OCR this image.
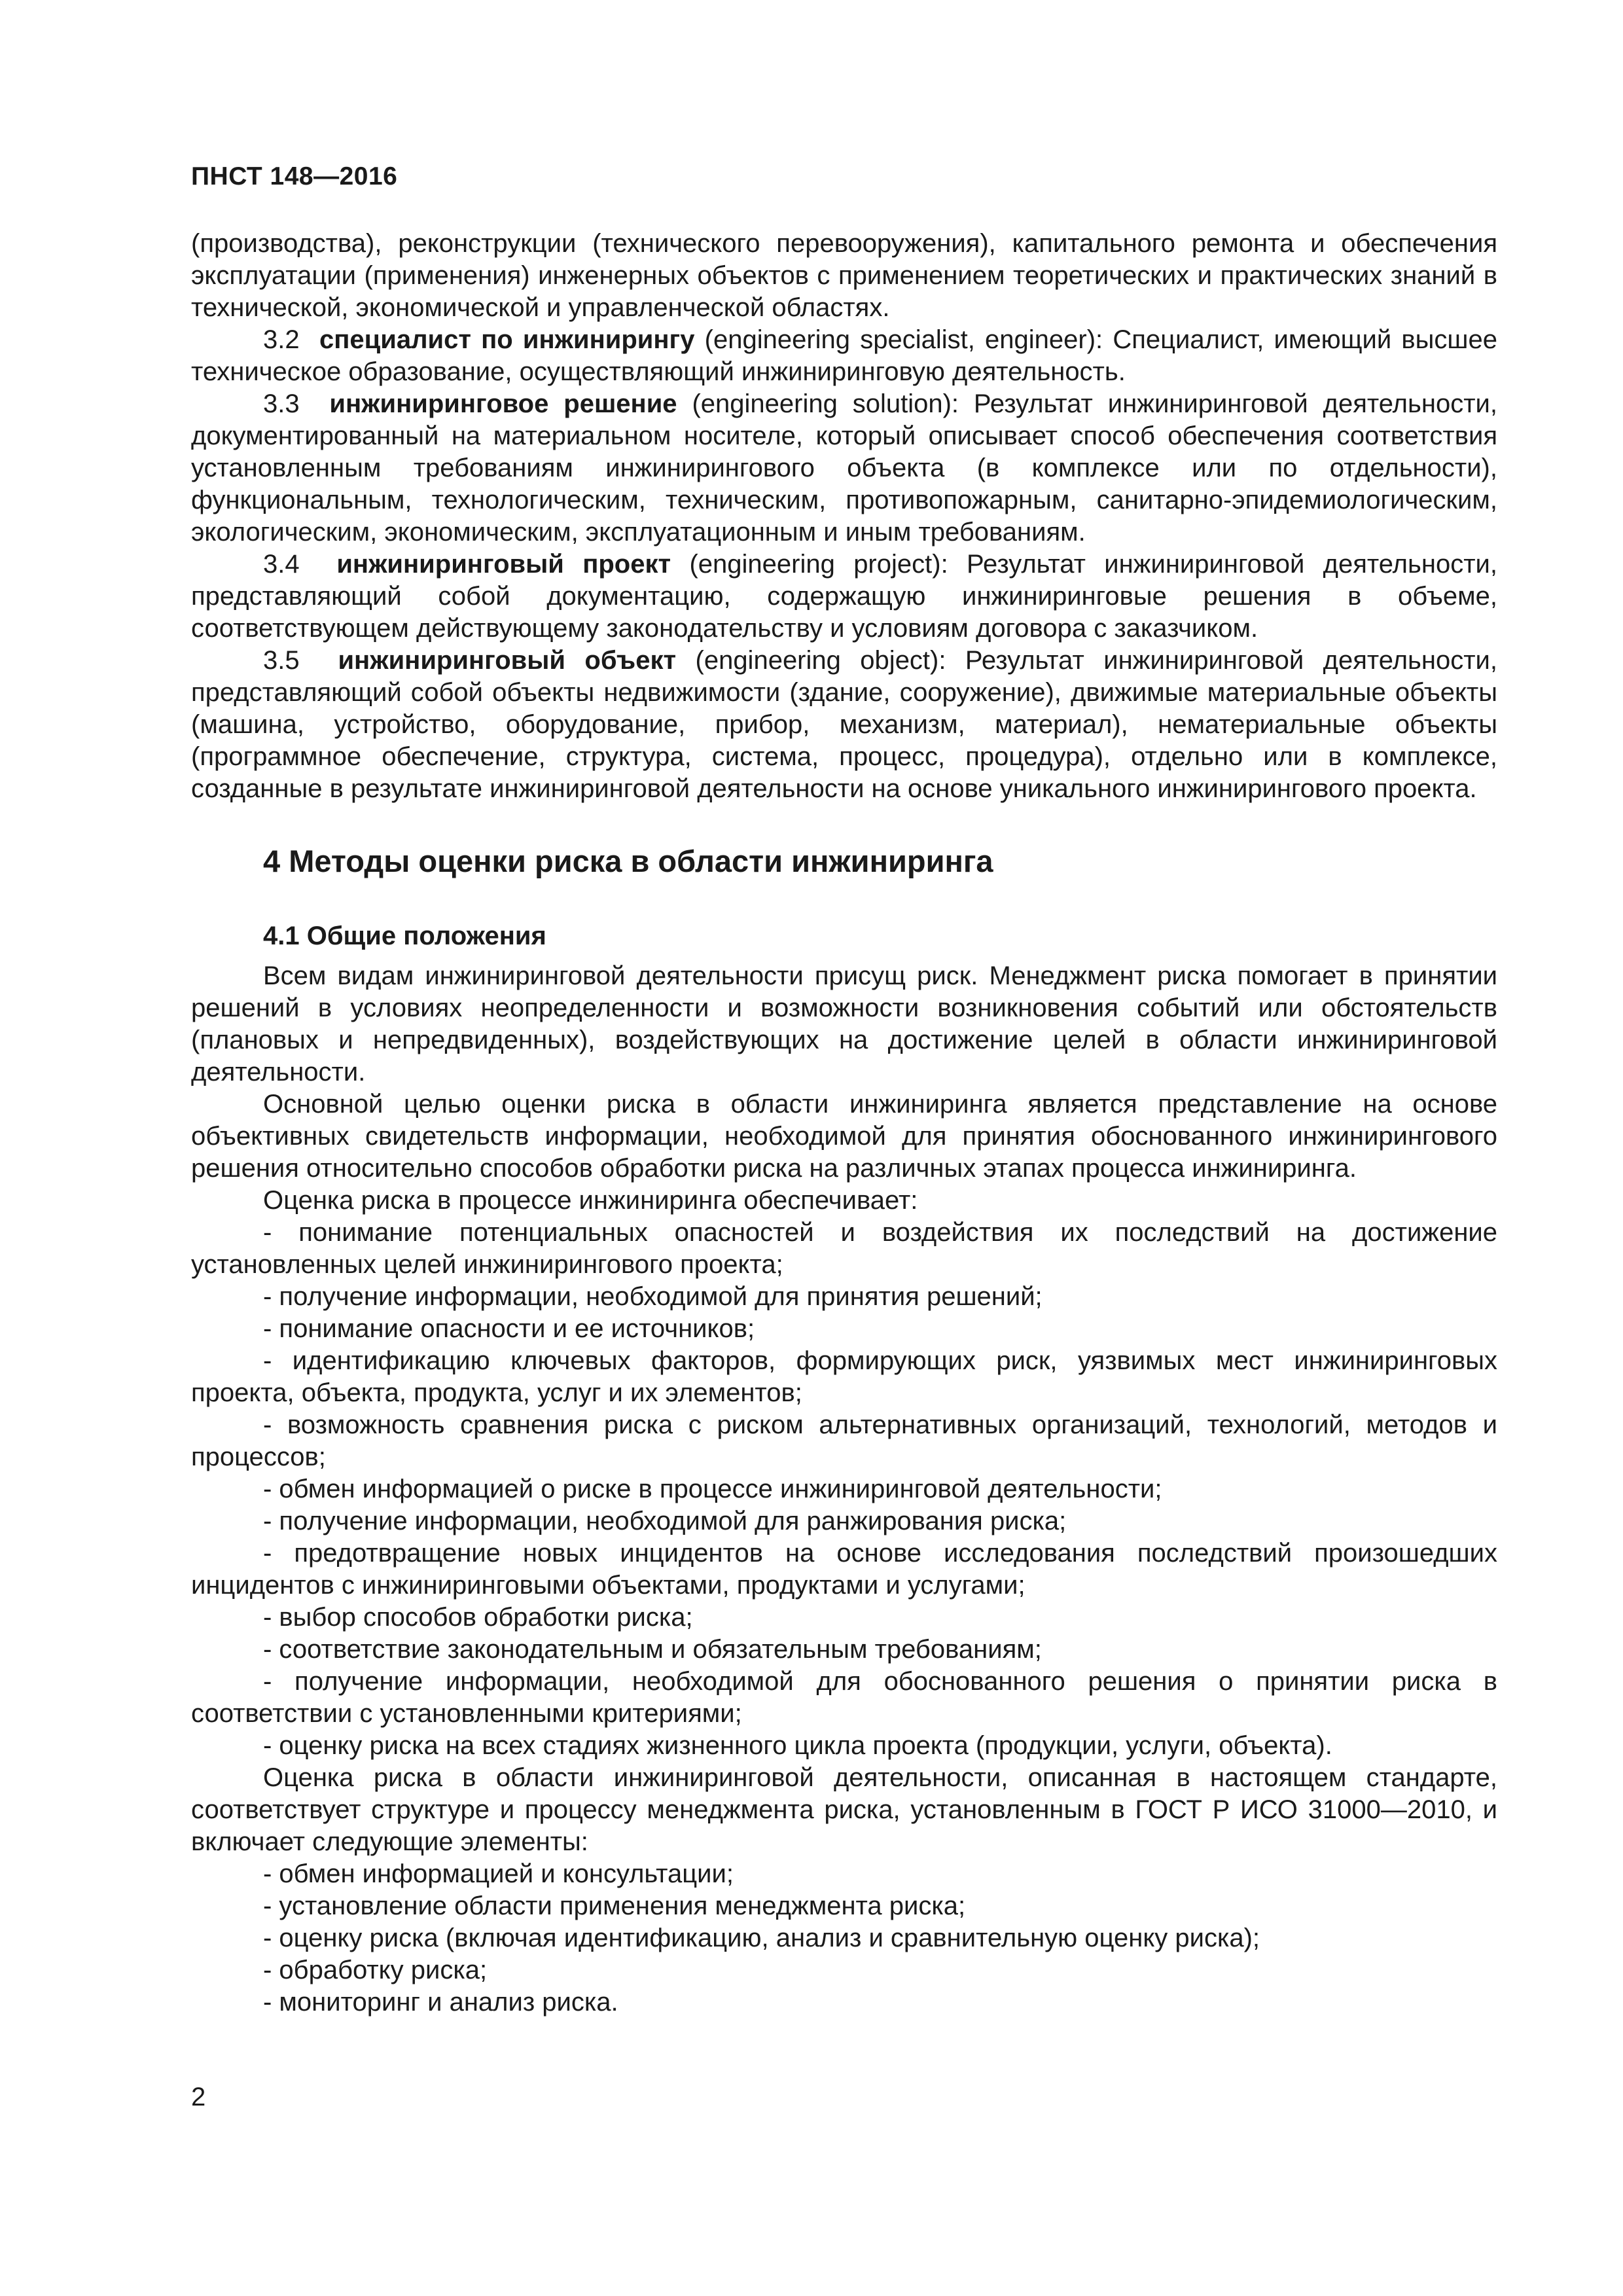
ПНСТ 148—2016

(производства), реконструкции (технического перевооружения), капитального ремонта и обеспечения эксплуатации (применения) инженерных объектов с применением теоретических и практических знаний в технической, экономической и управленческой областях.

3.2 специалист по инжинирингу (engineering specialist, engineer): Специалист, имеющий высшее техническое образование, осуществляющий инжиниринговую деятельность.

3.3 инжиниринговое решение (engineering solution): Результат инжиниринговой деятельности, документированный на материальном носителе, который описывает способ обеспечения соответствия установленным требованиям инжинирингового объекта (в комплексе или по отдельности), функциональным, технологическим, техническим, противопожарным, санитарно-эпидемиологическим, экологическим, экономическим, эксплуатационным и иным требованиям.

3.4 инжиниринговый проект (engineering project): Результат инжиниринговой деятельности, представляющий собой документацию, содержащую инжиниринговые решения в объеме, соответствующем действующему законодательству и условиям договора с заказчиком.

3.5 инжиниринговый объект (engineering object): Результат инжиниринговой деятельности, представляющий собой объекты недвижимости (здание, сооружение), движимые материальные объекты (машина, устройство, оборудование, прибор, механизм, материал), нематериальные объекты (программное обеспечение, структура, система, процесс, процедура), отдельно или в комплексе, созданные в результате инжиниринговой деятельности на основе уникального инжинирингового проекта.

4 Методы оценки риска в области инжиниринга
4.1 Общие положения

Всем видам инжиниринговой деятельности присущ риск. Менеджмент риска помогает в принятии решений в условиях неопределенности и возможности возникновения событий или обстоятельств (плановых и непредвиденных), воздействующих на достижение целей в области инжиниринговой деятельности.

Основной целью оценки риска в области инжиниринга является представление на основе объективных свидетельств информации, необходимой для принятия обоснованного инжинирингового решения относительно способов обработки риска на различных этапах процесса инжиниринга.

Оценка риска в процессе инжиниринга обеспечивает:

- понимание потенциальных опасностей и воздействия их последствий на достижение установленных целей инжинирингового проекта;

- получение информации, необходимой для принятия решений;

- понимание опасности и ее источников;

- идентификацию ключевых факторов, формирующих риск, уязвимых мест инжиниринговых проекта, объекта, продукта, услуг и их элементов;

- возможность сравнения риска с риском альтернативных организаций, технологий, методов и процессов;

- обмен информацией о риске в процессе инжиниринговой деятельности;

- получение информации, необходимой для ранжирования риска;

- предотвращение новых инцидентов на основе исследования последствий произошедших инцидентов с инжиниринговыми объектами, продуктами и услугами;

- выбор способов обработки риска;

- соответствие законодательным и обязательным требованиям;

- получение информации, необходимой для обоснованного решения о принятии риска в соответствии с установленными критериями;

- оценку риска на всех стадиях жизненного цикла проекта (продукции, услуги, объекта).

Оценка риска в области инжиниринговой деятельности, описанная в настоящем стандарте, соответствует структуре и процессу менеджмента риска, установленным в ГОСТ Р ИСО 31000—2010, и включает следующие элементы:

- обмен информацией и консультации;

- установление области применения менеджмента риска;

- оценку риска (включая идентификацию, анализ и сравнительную оценку риска);

- обработку риска;

- мониторинг и анализ риска.

2
